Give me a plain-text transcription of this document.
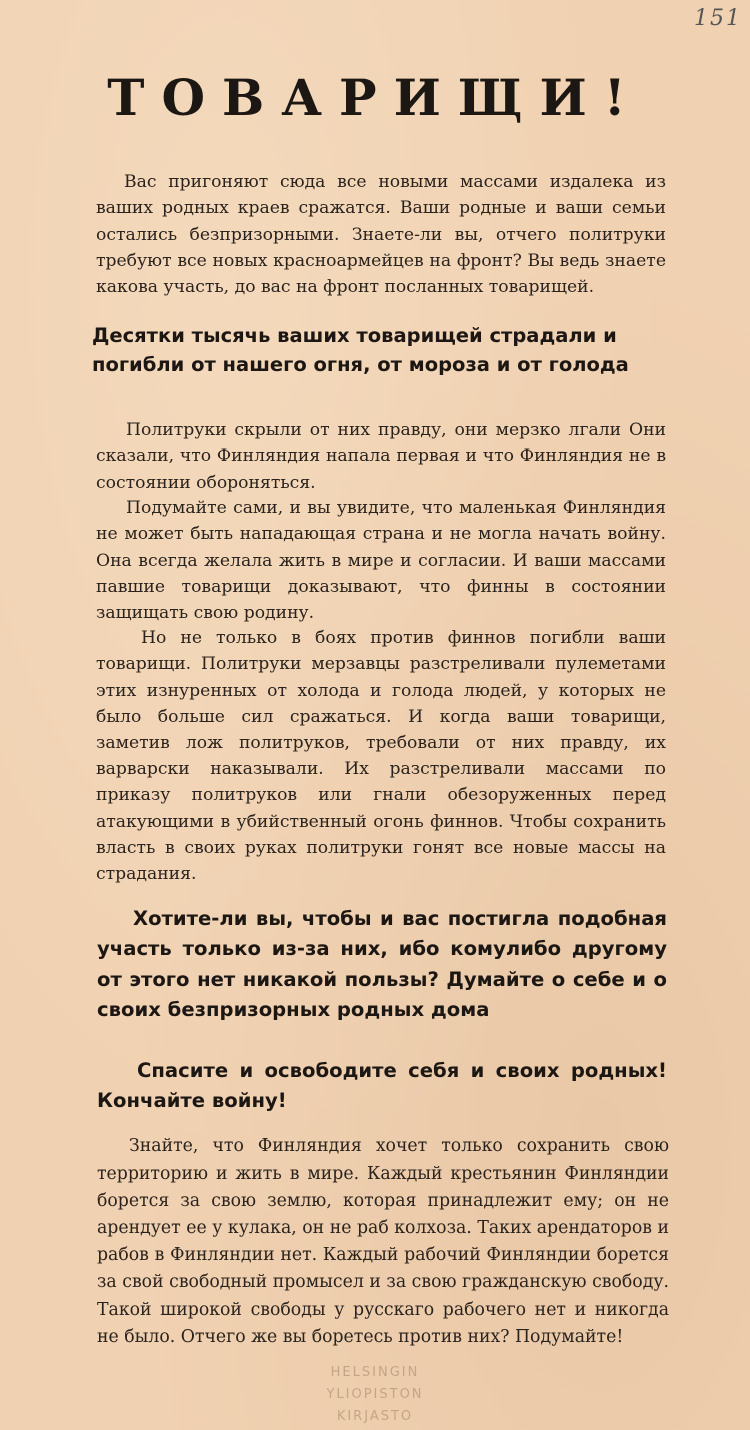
151
ТОВАРИЩИ!

Вас пригоняют сюда все новыми массами издалека из ваших родных краев сражатся. Ваши родные и ваши семьи остались безпризорными. Знаете-ли вы, отчего политруки требуют все новых красноармейцев на фронт? Вы ведь знаете какова участь, до вас на фронт посланных товарищей.

Десятки тысячь ваших товарищей страдали и погибли от нашего огня, от мороза и от голода

Политруки скрыли от них правду, они мерзко лгали Они сказали, что Финляндия напала первая и что Финляндия не в состоянии обороняться.

Подумайте сами, и вы увидите, что маленькая Финляндия не может быть нападающая страна и не могла начать войну. Она всегда желала жить в мире и согласии. И ваши массами павшие товарищи доказывают, что финны в состоянии защищать свою родину.

Но не только в боях против финнов погибли ваши товарищи. Политруки мерзавцы разстреливали пулеметами этих изнуренных от холода и голода людей, у которых не было больше сил сражаться. И когда ваши товарищи, заметив лож политруков, требовали от них правду, их варварски наказывали. Их разстреливали массами по приказу политруков или гнали обезоруженных перед атакующими в убийственный огонь финнов. Чтобы сохранить власть в своих руках политруки гонят все новые массы на страдания.

Хотите-ли вы, чтобы и вас постигла подобная участь только из-за них, ибо комулибо другому от этого нет никакой пользы? Думайте о себе и о своих безпризорных родных дома

Спасите и освободите себя и своих родных! Кончайте войну!

Знайте, что Финляндия хочет только сохранить свою территорию и жить в мире. Каждый крестьянин Финляндии борется за свою землю, которая принадлежит ему; он не арендует ее у кулака, он не раб колхоза. Таких арендаторов и рабов в Финляндии нет. Каждый рабочий Финляндии борется за свой свободный промысел и за свою гражданскую свободу. Такой широкой свободы у русскаго рабочего нет и никогда не было. Отчего же вы боретесь против них? Подумайте!

HELSINGIN
YLIOPISTON
KIRJASTO
